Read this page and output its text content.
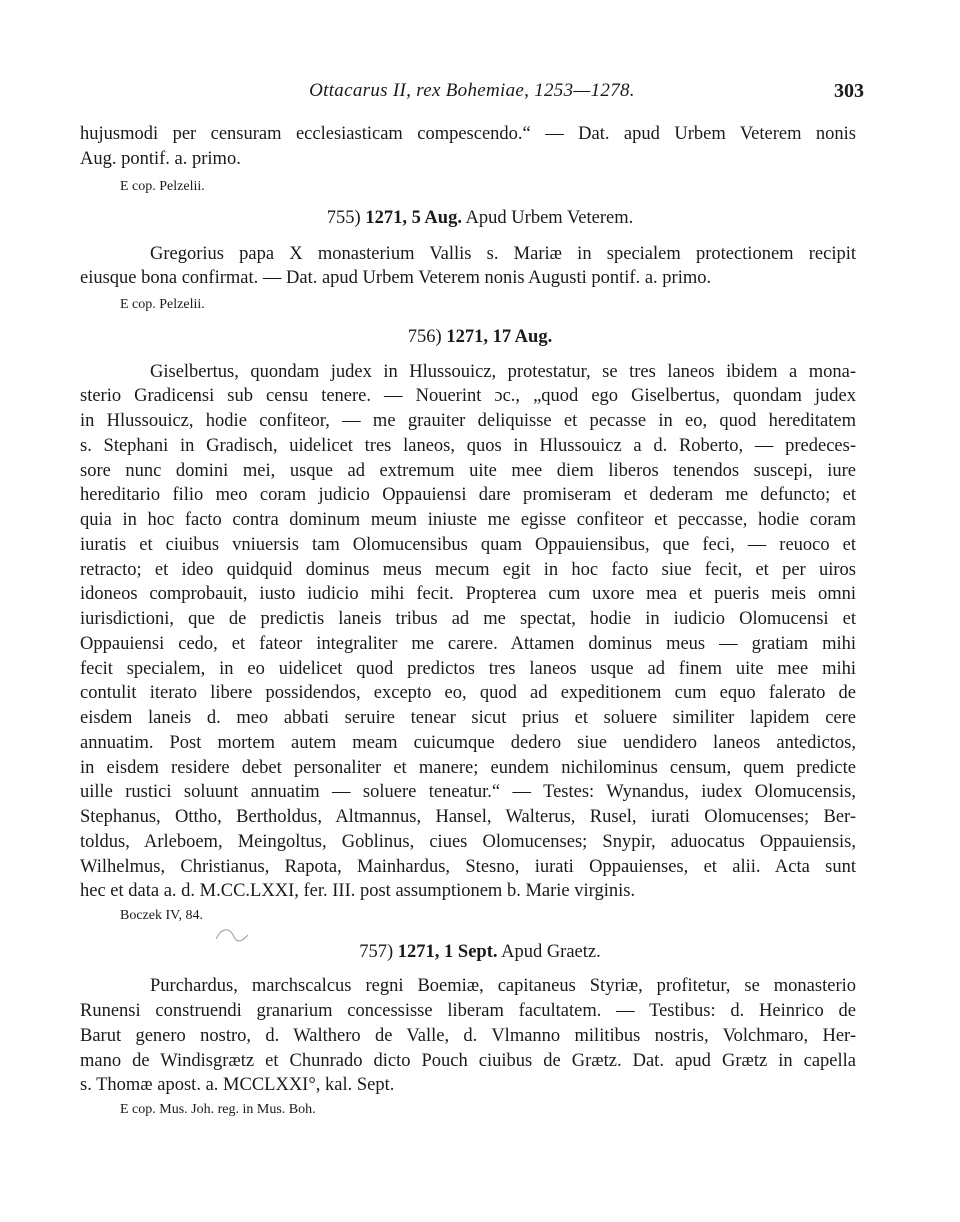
Ottacarus II, rex Bohemiae, 1253—1278.	303
hujusmodi per censuram ecclesiasticam compescendo.“ — Dat. apud Urbem Veterem nonis
Aug. pontif. a. primo.
E cop. Pelzelii.
755) 1271, 5 Aug. Apud Urbem Veterem.
Gregorius papa X monasterium Vallis s. Mariæ in specialem protectionem recipit
eiusque bona confirmat. — Dat. apud Urbem Veterem nonis Augusti pontif. a. primo.
E cop. Pelzelii.
756) 1271, 17 Aug.
Giselbertus, quondam judex in Hlussouicz, protestatur, se tres laneos ibidem a mona-
sterio Gradicensi sub censu tenere. — Nouerint ɔc., „quod ego Giselbertus, quondam judex
in Hlussouicz, hodie confiteor, — me grauiter deliquisse et pecasse in eo, quod hereditatem
s. Stephani in Gradisch, uidelicet tres laneos, quos in Hlussouicz a d. Roberto, — predeces-
sore nunc domini mei, usque ad extremum uite mee diem liberos tenendos suscepi, iure
hereditario filio meo coram judicio Oppauiensi dare promiseram et dederam me defuncto; et
quia in hoc facto contra dominum meum iniuste me egisse confiteor et peccasse, hodie coram
iuratis et ciuibus vniuersis tam Olomucensibus quam Oppauiensibus, que feci, — reuoco et
retracto; et ideo quidquid dominus meus mecum egit in hoc facto siue fecit, et per uiros
idoneos comprobauit, iusto iudicio mihi fecit. Propterea cum uxore mea et pueris meis omni
iurisdictioni, que de predictis laneis tribus ad me spectat, hodie in iudicio Olomucensi et
Oppauiensi cedo, et fateor integraliter me carere. Attamen dominus meus — gratiam mihi
fecit specialem, in eo uidelicet quod predictos tres laneos usque ad finem uite mee mihi
contulit iterato libere possidendos, excepto eo, quod ad expeditionem cum equo falerato de
eisdem laneis d. meo abbati seruire tenear sicut prius et soluere similiter lapidem cere
annuatim. Post mortem autem meam cuicumque dedero siue uendidero laneos antedictos,
in eisdem residere debet personaliter et manere; eundem nichilominus censum, quem predicte
uille rustici soluunt annuatim — soluere teneatur.“ — Testes: Wynandus, iudex Olomucensis,
Stephanus, Ottho, Bertholdus, Altmannus, Hansel, Walterus, Rusel, iurati Olomucenses; Ber-
toldus, Arleboem, Meingoltus, Goblinus, ciues Olomucenses; Snypir, aduocatus Oppauiensis,
Wilhelmus, Christianus, Rapota, Mainhardus, Stesno, iurati Oppauienses, et alii. Acta sunt
hec et data a. d. M.CC.LXXI, fer. III. post assumptionem b. Marie virginis.
Boczek IV, 84.
757) 1271, 1 Sept. Apud Graetz.
Purchardus, marchscalcus regni Boemiæ, capitaneus Styriæ, profitetur, se monasterio
Runensi construendi granarium concessisse liberam facultatem. — Testibus: d. Heinrico de
Barut genero nostro, d. Walthero de Valle, d. Vlmanno militibus nostris, Volchmaro, Her-
mano de Windisgrætz et Chunrado dicto Pouch ciuibus de Grætz. Dat. apud Grætz in capella
s. Thomæ apost. a. MCCLXXI°, kal. Sept.
E cop. Mus. Joh. reg. in Mus. Boh.
